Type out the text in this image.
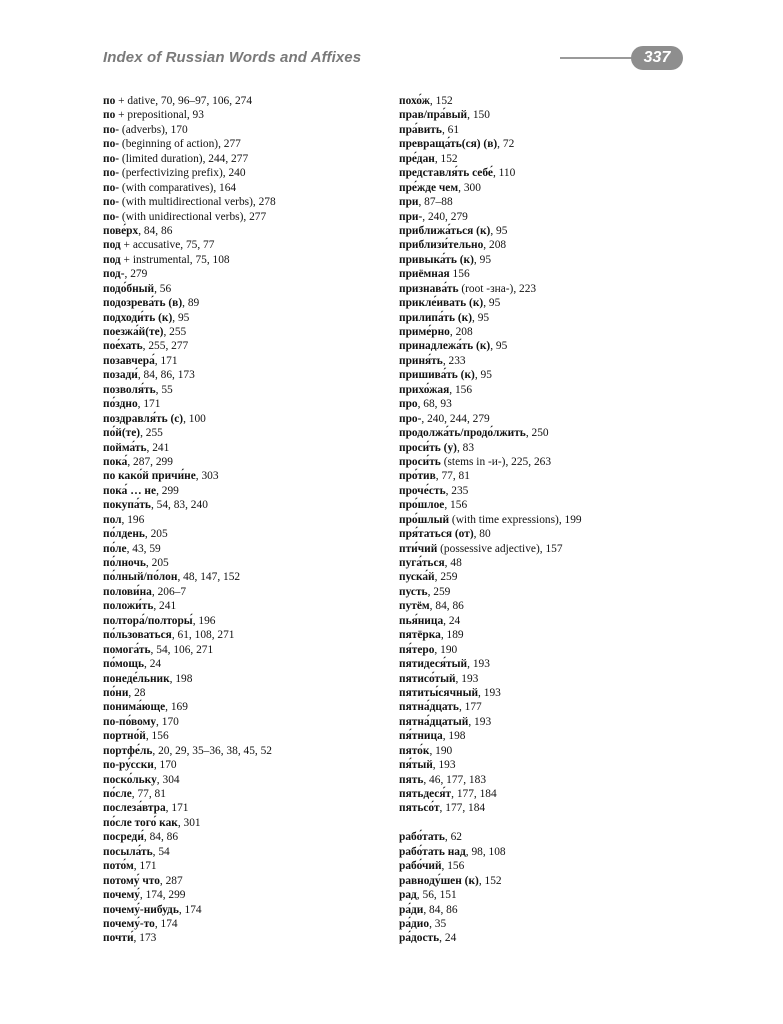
Index of Russian Words and Affixes	337
по + dative, 70, 96–97, 106, 274
по + prepositional, 93
по- (adverbs), 170
по- (beginning of action), 277
по- (limited duration), 244, 277
по- (perfectivizing prefix), 240
по- (with comparatives), 164
по- (with multidirectional verbs), 278
по- (with unidirectional verbs), 277
пове́рх, 84, 86
под + accusative, 75, 77
под + instrumental, 75, 108
под-, 279
подо́бный, 56
подозрева́ть (в), 89
подходи́ть (к), 95
поезжа́й(те), 255
пое́хать, 255, 277
позавчера́, 171
позади́, 84, 86, 173
позволя́ть, 55
по́здно, 171
поздравля́ть (с), 100
по́й(те), 255
пойма́ть, 241
пока́, 287, 299
по како́й причи́не, 303
пока́ … не, 299
покупа́ть, 54, 83, 240
пол, 196
по́лдень, 205
по́ле, 43, 59
по́лночь, 205
по́лный/по́лон, 48, 147, 152
полови́на, 206–7
положи́ть, 241
полтора́/полторы́, 196
по́льзоваться, 61, 108, 271
помога́ть, 54, 106, 271
по́мощь, 24
понеде́льник, 198
по́ни, 28
понима́юще, 169
по-по́вому, 170
портно́й, 156
портфе́ль, 20, 29, 35–36, 38, 45, 52
по-ру́сски, 170
поско́льку, 304
по́сле, 77, 81
послеза́втра, 171
по́сле того́ как, 301
посреди́, 84, 86
посыла́ть, 54
пото́м, 171
потому́ что, 287
почему́, 174, 299
почему́-нибудь, 174
почему́-то, 174
почти́, 173
похо́ж, 152
прав/пра́вый, 150
пра́вить, 61
превраща́ть(ся) (в), 72
пре́дан, 152
представля́ть себе́, 110
пре́жде чем, 300
при, 87–88
при-, 240, 279
приближа́ться (к), 95
приблизи́тельно, 208
привыка́ть (к), 95
приёмная 156
признава́ть (root -зна-), 223
прикле́ивать (к), 95
прилипа́ть (к), 95
приме́рно, 208
принадлежа́ть (к), 95
приня́ть, 233
пришива́ть (к), 95
прихо́жая, 156
про, 68, 93
про-, 240, 244, 279
продолжа́ть/продо́лжить, 250
проси́ть (у), 83
проси́ть (stems in -и-), 225, 263
про́тив, 77, 81
проче́сть, 235
про́шлое, 156
про́шлый (with time expressions), 199
пря́таться (от), 80
пти́чий (possessive adjective), 157
пуга́ться, 48
пуска́й, 259
пусть, 259
путём, 84, 86
пья́ница, 24
пятёрка, 189
пя́теро, 190
пятидеся́тый, 193
пятисо́тый, 193
пятиты́сячный, 193
пятна́дцать, 177
пятна́дцатый, 193
пя́тница, 198
пято́к, 190
пя́тый, 193
пять, 46, 177, 183
пятьдеся́т, 177, 184
пятьсо́т, 177, 184
рабо́тать, 62
рабо́тать над, 98, 108
рабо́чий, 156
равноду́шен (к), 152
рад, 56, 151
ра́ди, 84, 86
ра́дио, 35
ра́дость, 24
